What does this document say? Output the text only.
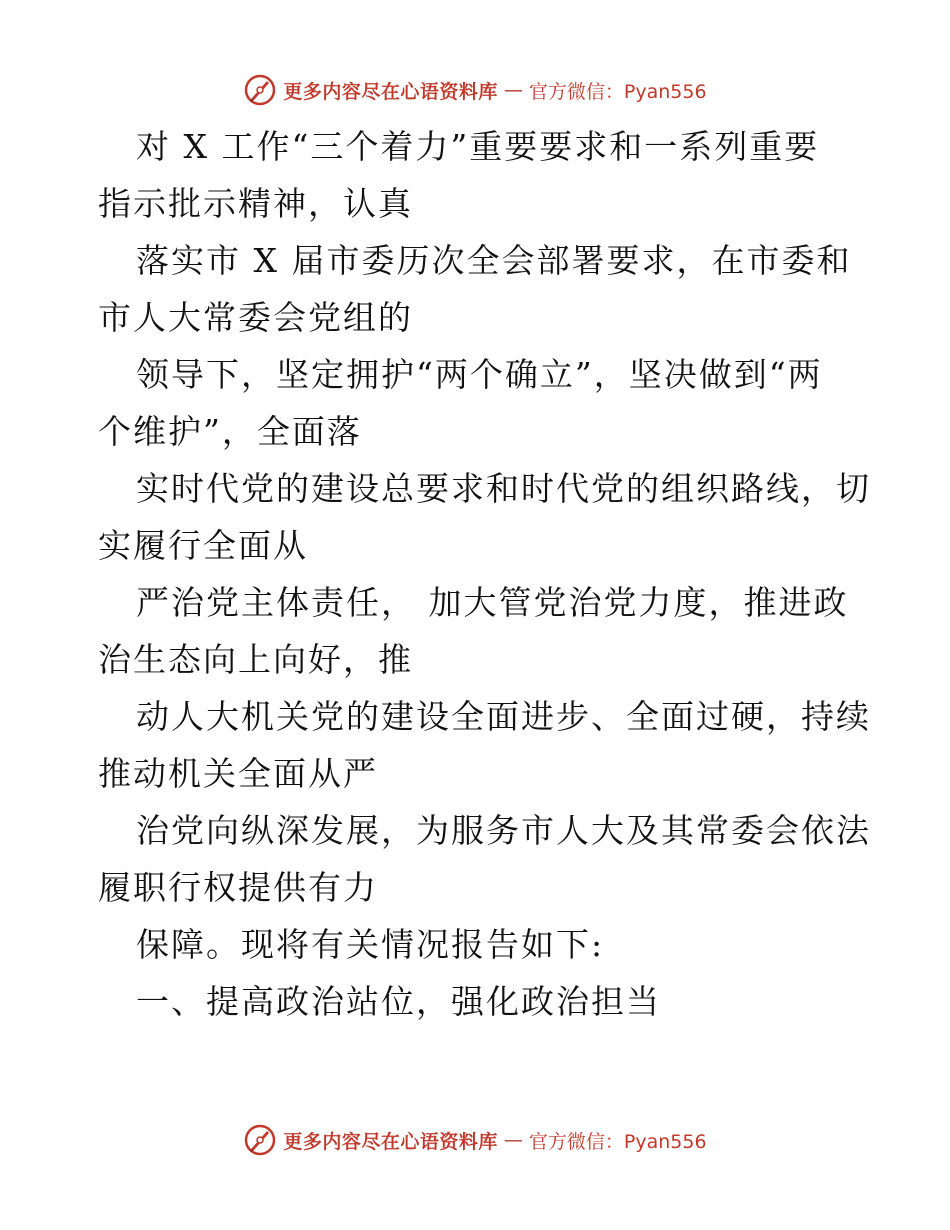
更多内容尽在心语资料库 — 官方微信：Pyan556
对 X 工作“三个着力”重要要求和一系列重要
指示批示精神，认真
落实市 X 届市委历次全会部署要求，在市委和
市人大常委会党组的
领导下，坚定拥护“两个确立”，坚决做到“两
个维护”，全面落
实时代党的建设总要求和时代党的组织路线，切
实履行全面从
严治党主体责任， 加大管党治党力度，推进政
治生态向上向好，推
动人大机关党的建设全面进步、全面过硬，持续
推动机关全面从严
治党向纵深发展，为服务市人大及其常委会依法
履职行权提供有力
保障。现将有关情况报告如下:
一、提高政治站位，强化政治担当
更多内容尽在心语资料库 — 官方微信：Pyan556
